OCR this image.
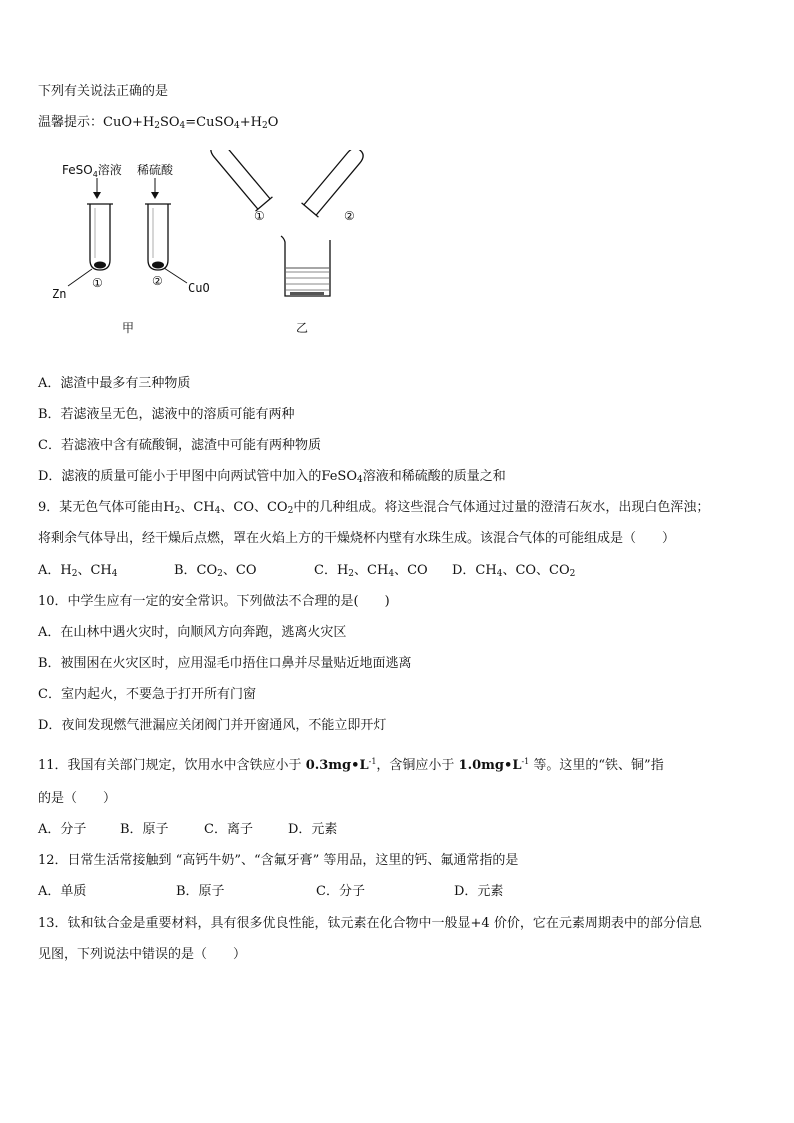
下列有关说法正确的是
温馨提示：$CuO+H_2SO_4=CuSO_4+H_2O$
FeSO$_4$溶液 稀硫酸
①	②
Zn	CuO
①	②
甲	乙
A．滤渣中最多有三种物质
B．若滤液呈无色，滤液中的溶质可能有两种
C．若滤液中含有硫酸铜，滤渣中可能有两种物质
D．滤液的质量可能小于甲图中向两试管中加入的FeSO$_4$溶液和稀硫酸的质量之和
9．某无色气体可能由$H_2$、$CH_4$、CO、$CO_2$中的几种组成。将这些混合气体通过过量的澄清石灰水，出现白色浑浊；
将剩余气体导出，经干燥后点燃，罩在火焰上方的干燥烧杯内壁有水珠生成。该混合气体的可能组成是（　　）
A．$H_2$、$CH_4$	B．$CO_2$、CO	C．$H_2$、$CH_4$、CO D．$CH_4$、CO、$CO_2$
10．中学生应有一定的安全常识。下列做法不合理的是(　　)
A．在山林中遇火灾时，向顺风方向奔跑，逃离火灾区
B．被围困在火灾区时，应用湿毛巾捂住口鼻并尽量贴近地面逃离
C．室内起火，不要急于打开所有门窗
D．夜间发现燃气泄漏应关闭阀门并开窗通风，不能立即开灯
11．我国有关部门规定，饮用水中含铁应小于 $0.3mg•L^{-1}$，含铜应小于 $1.0mg•L^{-1}$ 等。这里的“铁、铜”指
的是（　　）
A．分子	B．原子	C．离子	D．元素
12．日常生活常接触到 “高钙牛奶”、“含氟牙膏” 等用品，这里的钙、氟通常指的是
A．单质	B．原子	C．分子	D．元素
13．钛和钛合金是重要材料，具有很多优良性能，钛元素在化合物中一般显+4 价价，它在元素周期表中的部分信息
见图，下列说法中错误的是（　　）
